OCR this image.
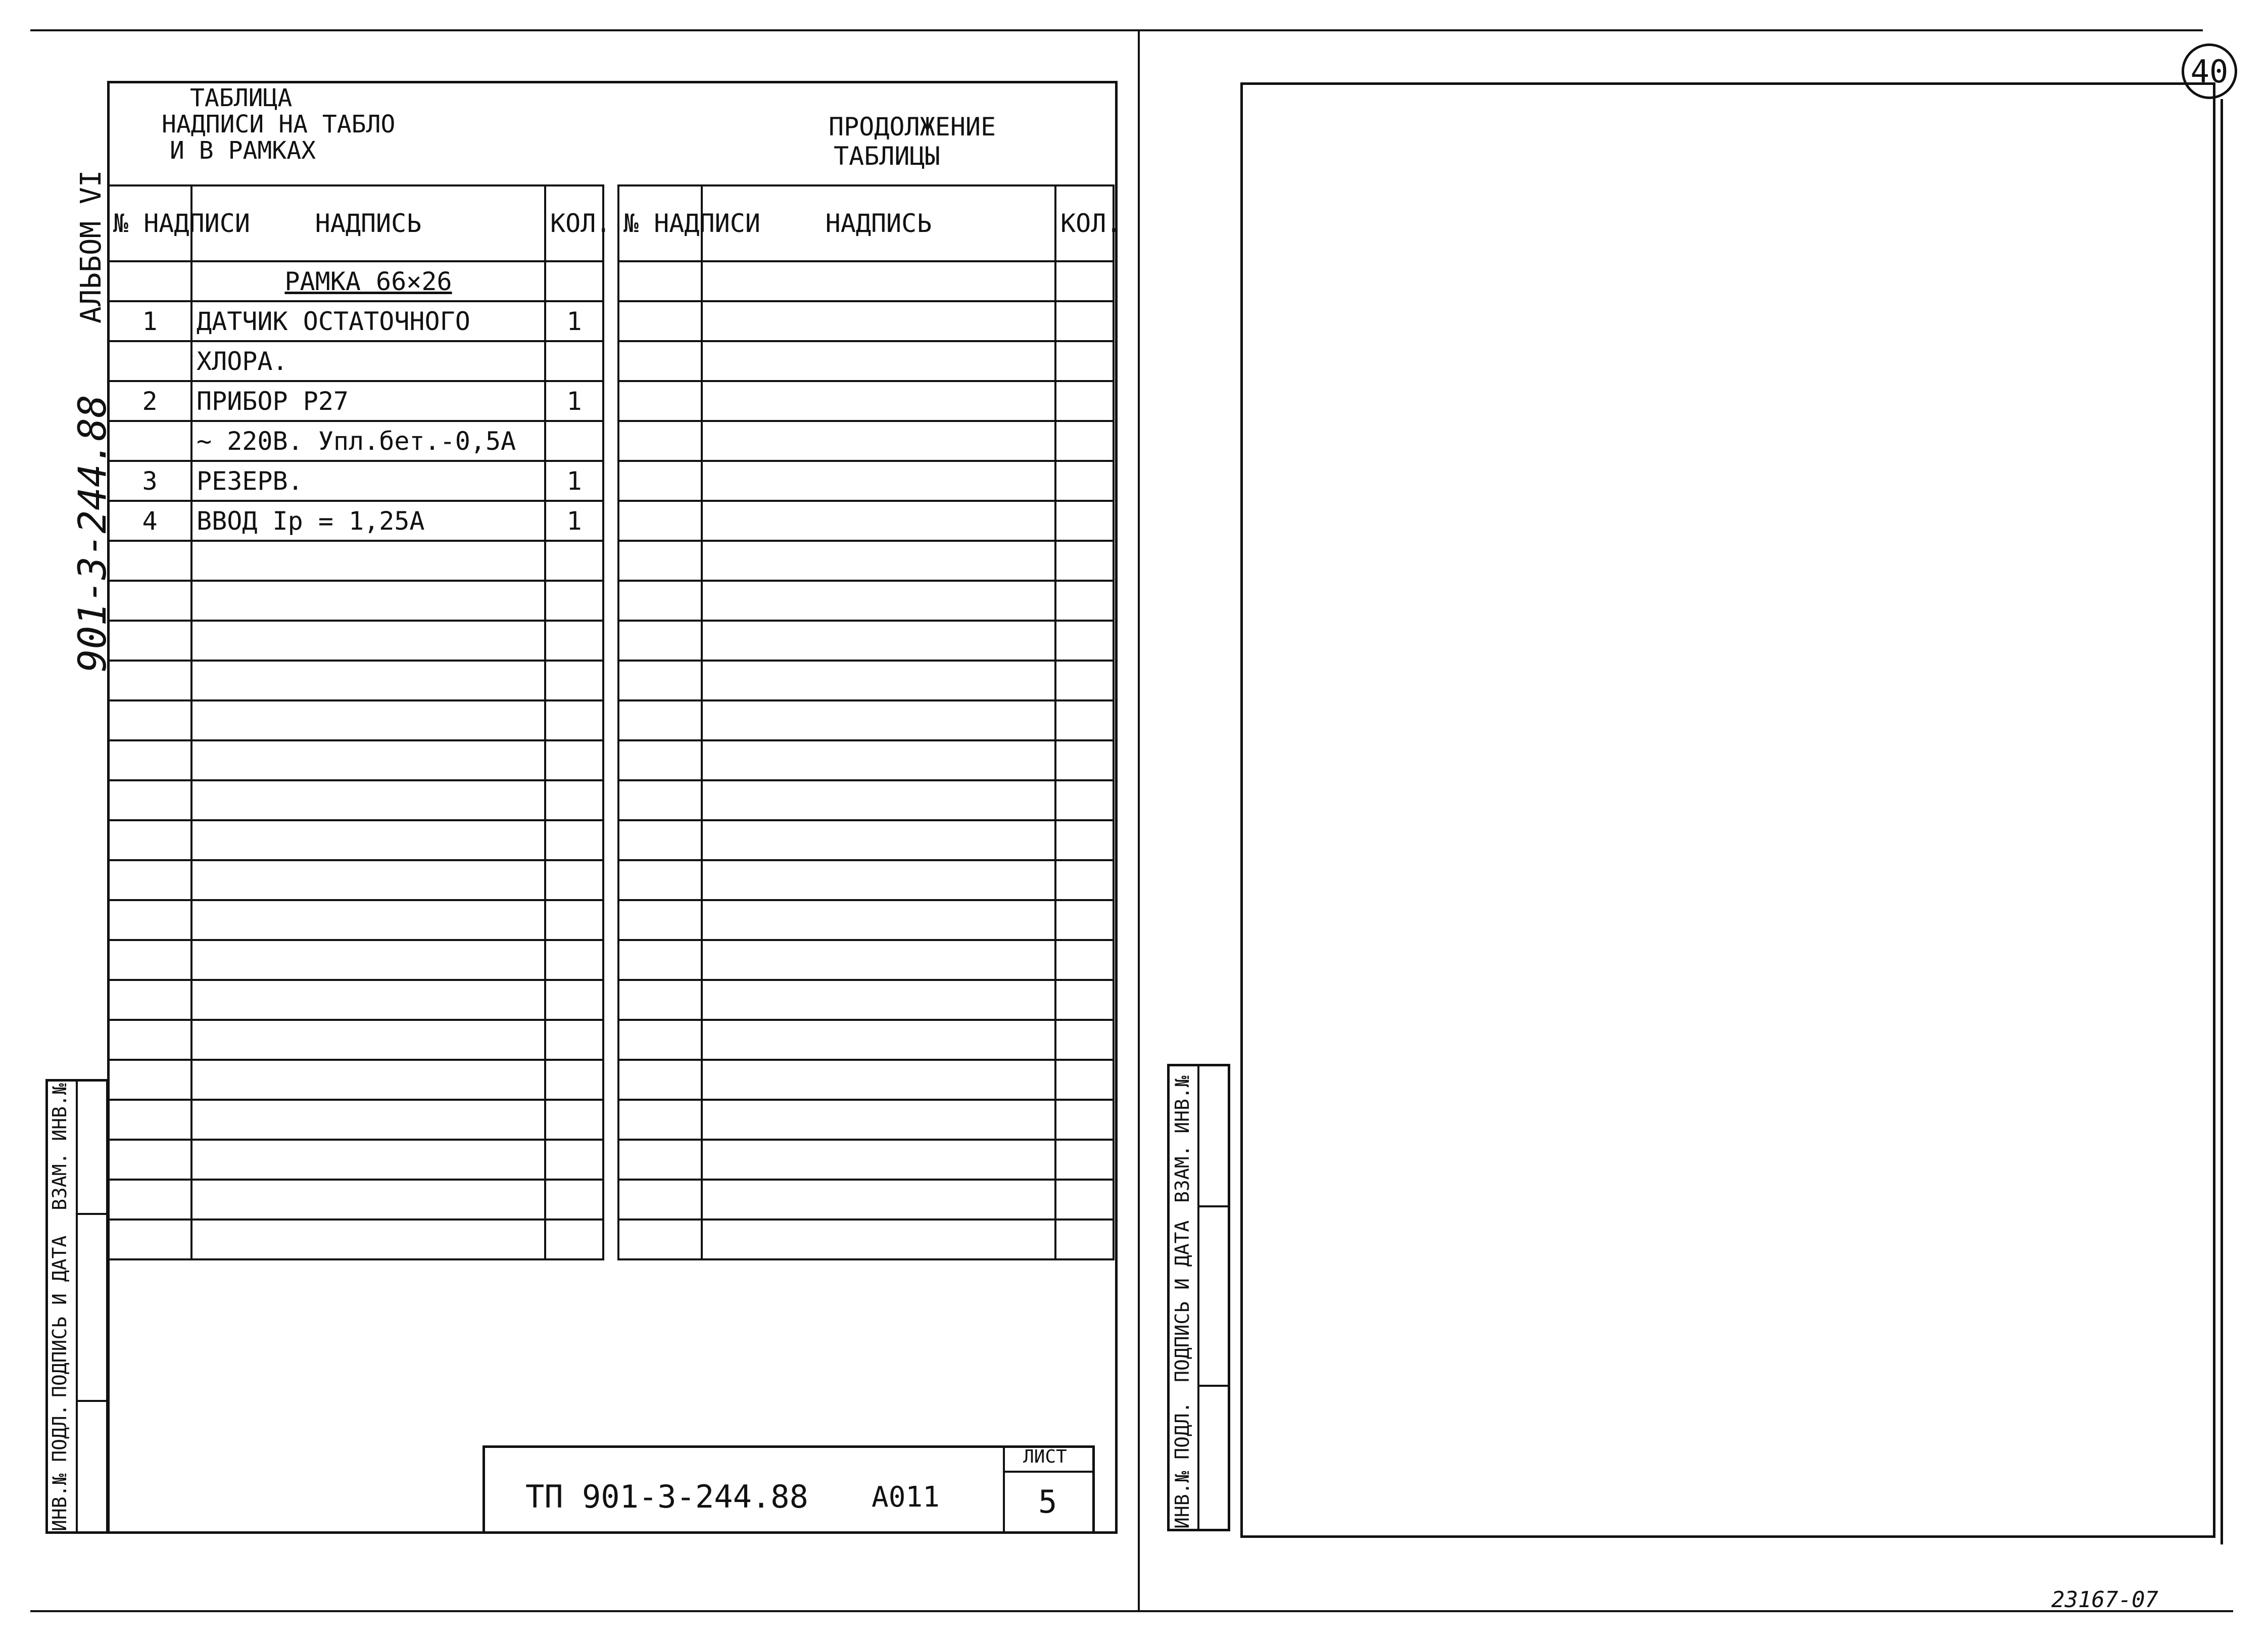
40
АЛЬБОМ VI
901-3-244.88
ТАБЛИЦА
НАДПИСИ НА ТАБЛО
И В РАМКАХ
ПРОДОЛЖЕНИЕ
ТАБЛИЦЫ
№ НАДПИСИ	НАДПИСЬ	КОЛ.
	РАМКА 66×26	
1	ДАТЧИК ОСТАТОЧНОГО	1
	ХЛОРА.	
2	ПРИБОР Р27	1
	~ 220В. Упл.бет.-0,5А	
3	РЕЗЕРВ.	1
4	ВВОД Iр = 1,25А	1

№ НАДПИСИ	НАДПИСЬ	КОЛ.

ИНВ.№ ПОДЛ.
ПОДПИСЬ И ДАТА
ВЗАМ. ИНВ.№
ТП 901-3-244.88 А011
ЛИСТ
5	ИНВ.№ ПОДЛ.
ПОДПИСЬ И ДАТА
ВЗАМ. ИНВ.№
23167-07
